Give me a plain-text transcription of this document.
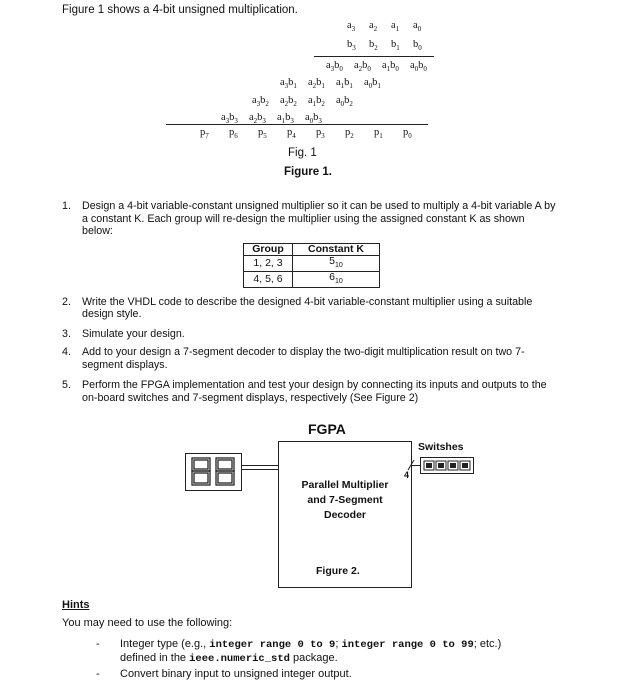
Figure 1 shows a 4-bit unsigned multiplication.
$a_3$ $a_2$ $a_1$ $a_0$
$b_3$ $b_2$ $b_1$ $b_0$
$a_3b_0$ $a_2b_0$ $a_1b_0$ $a_0b_0$
$a_3b_1$ $a_2b_1$ $a_1b_1$ $a_0b_1$
$a_3b_2$ $a_2b_2$ $a_1b_2$ $a_0b_2$
$a_3b_3$ $a_2b_3$ $a_1b_3$ $a_0b_3$
$p_7$ $p_6$ $p_5$ $p_4$ $p_3$ $p_2$ $p_1$ $p_0$
Fig. 1
Figure 1.
1. Design a 4-bit variable-constant unsigned multiplier so it can be used to multiply a 4-bit variable A by a constant K. Each group will re-design the multiplier using the assigned constant K as shown below:
2. Write the VHDL code to describe the designed 4-bit variable-constant multiplier using a suitable design style.
3. Simulate your design.
4. Add to your design a 7-segment decoder to display the two-digit multiplication result on two 7-segment displays.
5. Perform the FPGA implementation and test your design by connecting its inputs and outputs to the on-board switches and 7-segment displays, respectively (See Figure 2)
Group	Constant K
1, 2, 3	$5_{10}$
4, 5, 6	$6_{10}$
FGPA
Parallel Multiplier
and 7-Segment
Decoder
Figure 2.
Switshes
4
Hints
You may need to use the following:
- Integer type (e.g., integer range 0 to 9; integer range 0 to 99; etc.)
defined in the ieee.numeric_std package.
- Convert binary input to unsigned integer output.
